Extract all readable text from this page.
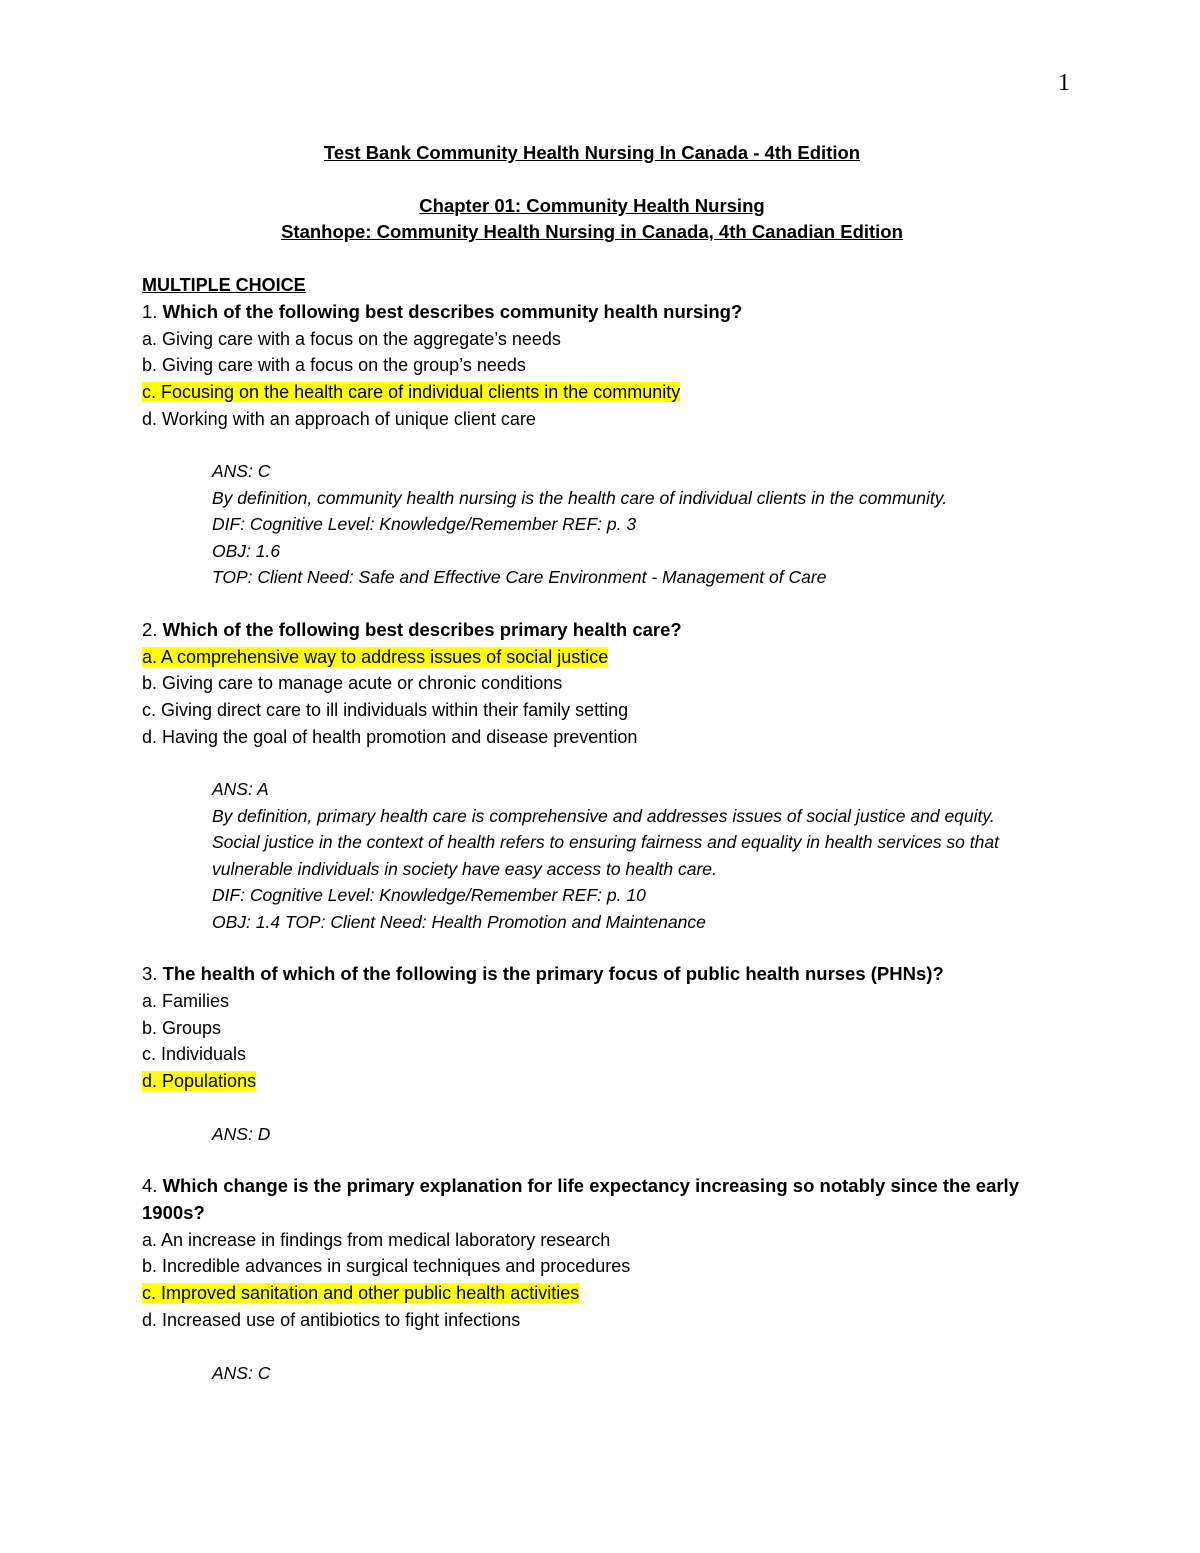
1

Test Bank Community Health Nursing In Canada - 4th Edition

Chapter 01: Community Health Nursing

Stanhope: Community Health Nursing in Canada, 4th Canadian Edition

MULTIPLE CHOICE

1. Which of the following best describes community health nursing?

a. Giving care with a focus on the aggregate’s needs

b. Giving care with a focus on the group’s needs

c. Focusing on the health care of individual clients in the community

d. Working with an approach of unique client care

ANS: C

By definition, community health nursing is the health care of individual clients in the community.

DIF: Cognitive Level: Knowledge/Remember REF: p. 3

OBJ: 1.6

TOP: Client Need: Safe and Effective Care Environment - Management of Care

2. Which of the following best describes primary health care?

a. A comprehensive way to address issues of social justice

b. Giving care to manage acute or chronic conditions

c. Giving direct care to ill individuals within their family setting

d. Having the goal of health promotion and disease prevention

ANS: A

By definition, primary health care is comprehensive and addresses issues of social justice and equity. Social justice in the context of health refers to ensuring fairness and equality in health services so that vulnerable individuals in society have easy access to health care.

DIF: Cognitive Level: Knowledge/Remember REF: p. 10

OBJ: 1.4 TOP: Client Need: Health Promotion and Maintenance

3. The health of which of the following is the primary focus of public health nurses (PHNs)?

a. Families

b. Groups

c. Individuals

d. Populations

ANS: D

4. Which change is the primary explanation for life expectancy increasing so notably since the early 1900s?

a. An increase in findings from medical laboratory research

b. Incredible advances in surgical techniques and procedures

c. Improved sanitation and other public health activities

d. Increased use of antibiotics to fight infections

ANS: C
